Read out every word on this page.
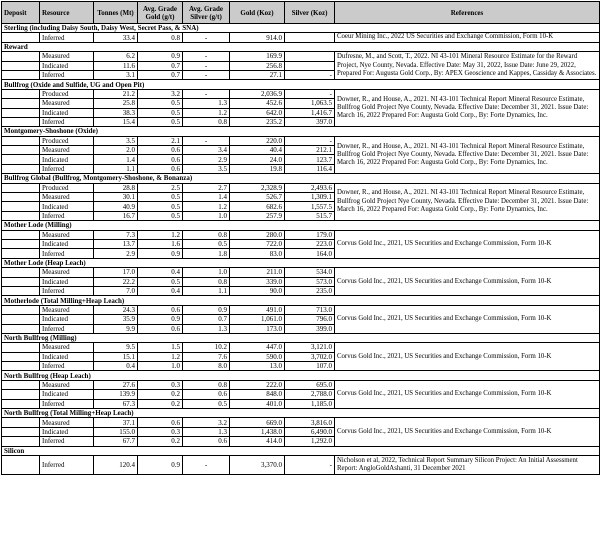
Deposit	Resource	Tonnes (Mt)	Avg. Grade Gold (g/t)	Avg. Grade Silver (g/t)	Gold (Koz)	Silver (Koz)	References
Sterling (including Daisy South, Daisy West, Secret Pass, & SNA)							
	Inferred	33.4	0.8	-	914.0		Coeur Mining Inc., 2022 US Securities and Exchange Commission, Form 10-K
Reward							
	Measured	6.2	0.9	-	169.9		Dufresne, M., and Scott, T., 2022. NI 43-101 Mineral Resource Estimate for the Reward Project, Nye County, Nevada. Effective Date: May 31, 2022, Issue Date: June 29, 2022, Prepared For: Augusta Gold Corp., By: APEX Geoscience and Kappes, Cassiday & Associates.
	Indicated	11.6	0.7	-	256.8		
	Inferred	3.1	0.7	-	27.1	-	
Bullfrog (Oxide and Sulfide, UG and Open Pit)							
	Produced	21.2	3.2	-	2,036.9	-	Downer, R., and House, A., 2021. NI 43-101 Technical Report Mineral Resource Estimate, Bullfrog Gold Project Nye County, Nevada. Effective Date: December 31, 2021. Issue Date: March 16, 2022 Prepared For: Augusta Gold Corp., By: Forte Dynamics, Inc.
	Measured	25.8	0.5	1.3	452.6	1,063.5	
	Indicated	38.3	0.5	1.2	642.0	1,416.7	
	Inferred	15.4	0.5	0.8	235.2	397.0	
Montgomery-Shoshone (Oxide)							
	Produced	3.5	2.1	-	220.0	-	Downer, R., and House, A., 2021. NI 43-101 Technical Report Mineral Resource Estimate, Bullfrog Gold Project Nye County, Nevada. Effective Date: December 31, 2021. Issue Date: March 16, 2022 Prepared For: Augusta Gold Corp., By: Forte Dynamics, Inc.
	Measured	2.0	0.6	3.4	40.4	212.1	
	Indicated	1.4	0.6	2.9	24.0	123.7	
	Inferred	1.1	0.6	3.5	19.8	116.4	
Bullfrog Global (Bullfrog, Montgomery-Shoshone, & Bonanza)							
	Produced	28.8	2.5	2.7	2,328.9	2,493.6	Downer, R., and House, A., 2021. NI 43-101 Technical Report Mineral Resource Estimate, Bullfrog Gold Project Nye County, Nevada. Effective Date: December 31, 2021. Issue Date: March 16, 2022 Prepared For: Augusta Gold Corp., By: Forte Dynamics, Inc.
	Measured	30.1	0.5	1.4	526.7	1,309.1	
	Indicated	40.9	0.5	1.2	682.6	1,557.5	
	Inferred	16.7	0.5	1.0	257.9	515.7	
Mother Lode (Milling)							
	Measured	7.3	1.2	0.8	280.0	179.0	Corvus Gold Inc., 2021, US Securities and Exchange Commission, Form 10-K
	Indicated	13.7	1.6	0.5	722.0	223.0	
	Inferred	2.9	0.9	1.8	83.0	164.0	
Mother Lode (Heap Leach)							
	Measured	17.0	0.4	1.0	211.0	534.0	Corvus Gold Inc., 2021, US Securities and Exchange Commission, Form 10-K
	Indicated	22.2	0.5	0.8	339.0	573.0	
	Inferred	7.0	0.4	1.1	90.0	235.0	
Motherlode (Total Milling+Heap Leach)							
	Measured	24.3	0.6	0.9	491.0	713.0	Corvus Gold Inc., 2021, US Securities and Exchange Commission, Form 10-K
	Indicated	35.9	0.9	0.7	1,061.0	796.0	
	Inferred	9.9	0.6	1.3	173.0	399.0	
North Bullfrog (Milling)							
	Measured	9.5	1.5	10.2	447.0	3,121.0	Corvus Gold Inc., 2021, US Securities and Exchange Commission, Form 10-K
	Indicated	15.1	1.2	7.6	590.0	3,702.0	
	Inferred	0.4	1.0	8.0	13.0	107.0	
North Bullfrog (Heap Leach)							
	Measured	27.6	0.3	0.8	222.0	695.0	Corvus Gold Inc., 2021, US Securities and Exchange Commission, Form 10-K
	Indicated	139.9	0.2	0.6	848.0	2,788.0	
	Inferred	67.3	0.2	0.5	401.0	1,185.0	
North Bullfrog (Total Milling+Heap Leach)							
	Measured	37.1	0.6	3.2	669.0	3,816.0	Corvus Gold Inc., 2021, US Securities and Exchange Commission, Form 10-K
	Indicated	155.0	0.3	1.3	1,438.0	6,490.0	
	Inferred	67.7	0.2	0.6	414.0	1,292.0	
Silicon							
	Inferred	120.4	0.9	-	3,370.0	-	Nicholson et al, 2022, Technical Report Summary Silicon Project: An Initial Assessment Report: AngloGoldAshanti, 31 December 2021
